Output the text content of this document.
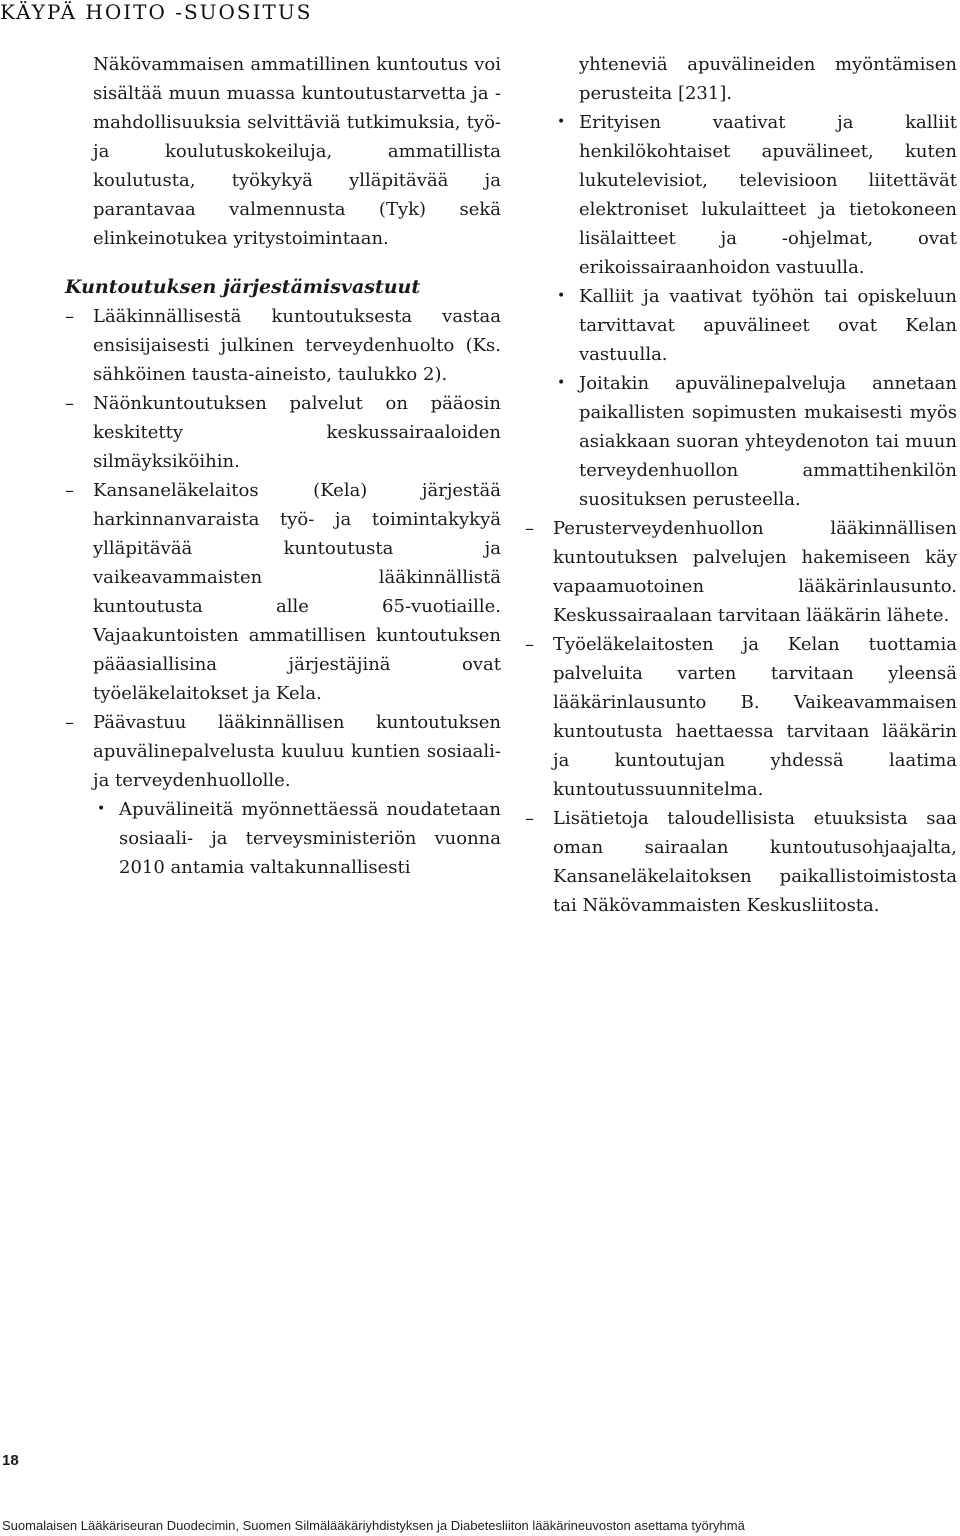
KÄYPÄ HOITO -SUOSITUS

Näkövammaisen ammatillinen kuntoutus voi sisältää muun muassa kuntoutustarvetta ja -mahdollisuuksia selvittäviä tutkimuksia, työ- ja koulutuskokeiluja, ammatillista koulutusta, työkykyä ylläpitävää ja parantavaa valmennusta (Tyk) sekä elinkeinotukea yritystoimintaan.

Kuntoutuksen järjestämisvastuut
– Lääkinnällisestä kuntoutuksesta vastaa ensisijaisesti julkinen terveydenhuolto (Ks. sähköinen tausta-aineisto, taulukko 2).
– Näönkuntoutuksen palvelut on pääosin keskitetty keskussairaaloiden silmäyksiköihin.
– Kansaneläkelaitos (Kela) järjestää harkinnanvaraista työ- ja toimintakykyä ylläpitävää kuntoutusta ja vaikeavammaisten lääkinnällistä kuntoutusta alle 65-vuotiaille. Vajaakuntoisten ammatillisen kuntoutuksen pääasiallisina järjestäjinä ovat työeläkelaitokset ja Kela.
– Päävastuu lääkinnällisen kuntoutuksen apuvälinepalvelusta kuuluu kuntien sosiaali- ja terveydenhuollolle.
• Apuvälineitä myönnettäessä noudatetaan sosiaali- ja terveysministeriön vuonna 2010 antamia valtakunnallisesti
yhteneviä apuvälineiden myöntämisen perusteita [231].
• Erityisen vaativat ja kalliit henkilökohtaiset apuvälineet, kuten lukutelevisiot, televisioon liitettävät elektroniset lukulaitteet ja tietokoneen lisälaitteet ja -ohjelmat, ovat erikoissairaanhoidon vastuulla.
• Kalliit ja vaativat työhön tai opiskeluun tarvittavat apuvälineet ovat Kelan vastuulla.
• Joitakin apuvälinepalveluja annetaan paikallisten sopimusten mukaisesti myös asiakkaan suoran yhteydenoton tai muun terveydenhuollon ammattihenkilön suosituksen perusteella.
– Perusterveydenhuollon lääkinnällisen kuntoutuksen palvelujen hakemiseen käy vapaamuotoinen lääkärinlausunto. Keskussairaalaan tarvitaan lääkärin lähete.
– Työeläkelaitosten ja Kelan tuottamia palveluita varten tarvitaan yleensä lääkärinlausunto B. Vaikeavammaisen kuntoutusta haettaessa tarvitaan lääkärin ja kuntoutujan yhdessä laatima kuntoutussuunnitelma.
– Lisätietoja taloudellisista etuuksista saa oman sairaalan kuntoutusohjaajalta, Kansaneläkelaitoksen paikallistoimistosta tai Näkövammaisten Keskusliitosta.
18
Suomalaisen Lääkäriseuran Duodecimin, Suomen Silmälääkäriyhdistyksen ja Diabetesliiton lääkärineuvoston asettama työryhmä
